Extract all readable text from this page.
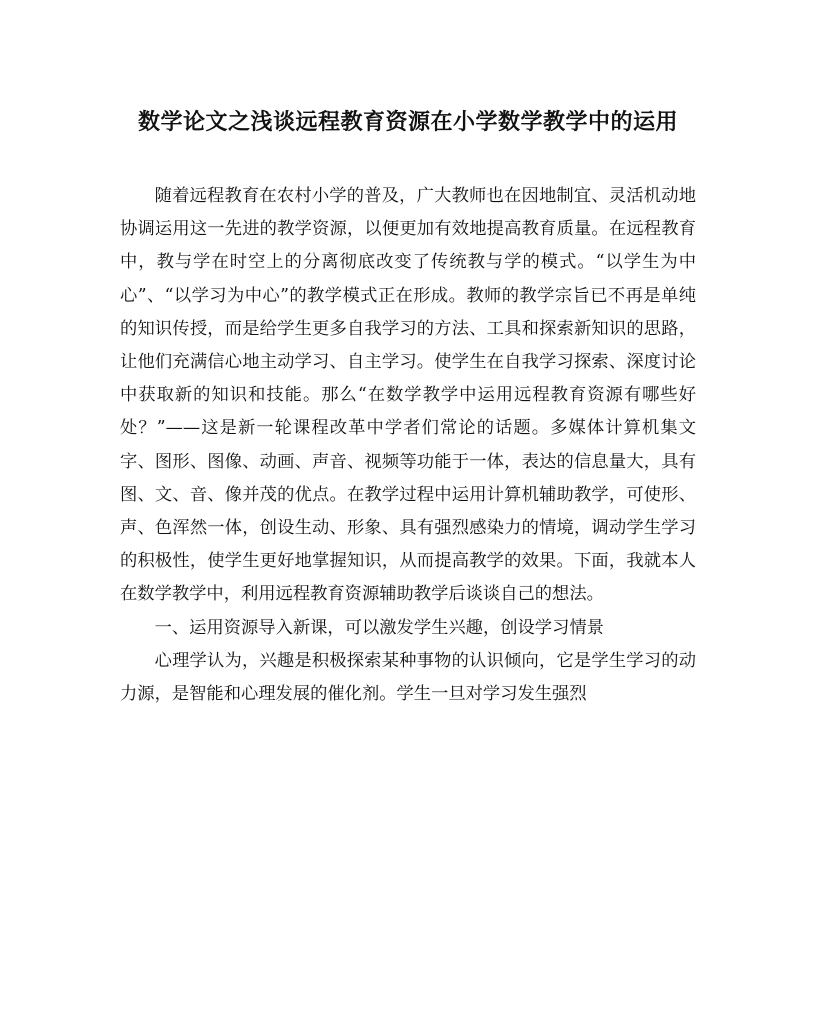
数学论文之浅谈远程教育资源在小学数学教学中的运用

随着远程教育在农村小学的普及，广大教师也在因地制宜、灵活机动地协调运用这一先进的教学资源，以便更加有效地提高教育质量。在远程教育中，教与学在时空上的分离彻底改变了传统教与学的模式。“以学生为中心”、“以学习为中心”的教学模式正在形成。教师的教学宗旨已不再是单纯的知识传授，而是给学生更多自我学习的方法、工具和探索新知识的思路，让他们充满信心地主动学习、自主学习。使学生在自我学习探索、深度讨论中获取新的知识和技能。那么“在数学教学中运用远程教育资源有哪些好处？”——这是新一轮课程改革中学者们常论的话题。多媒体计算机集文字、图形、图像、动画、声音、视频等功能于一体，表达的信息量大，具有图、文、音、像并茂的优点。在教学过程中运用计算机辅助教学，可使形、声、色浑然一体，创设生动、形象、具有强烈感染力的情境，调动学生学习的积极性，使学生更好地掌握知识，从而提高教学的效果。下面，我就本人在数学教学中，利用远程教育资源辅助教学后谈谈自己的想法。

一、运用资源导入新课，可以激发学生兴趣，创设学习情景

心理学认为，兴趣是积极探索某种事物的认识倾向，它是学生学习的动力源，是智能和心理发展的催化剂。学生一旦对学习发生强烈
